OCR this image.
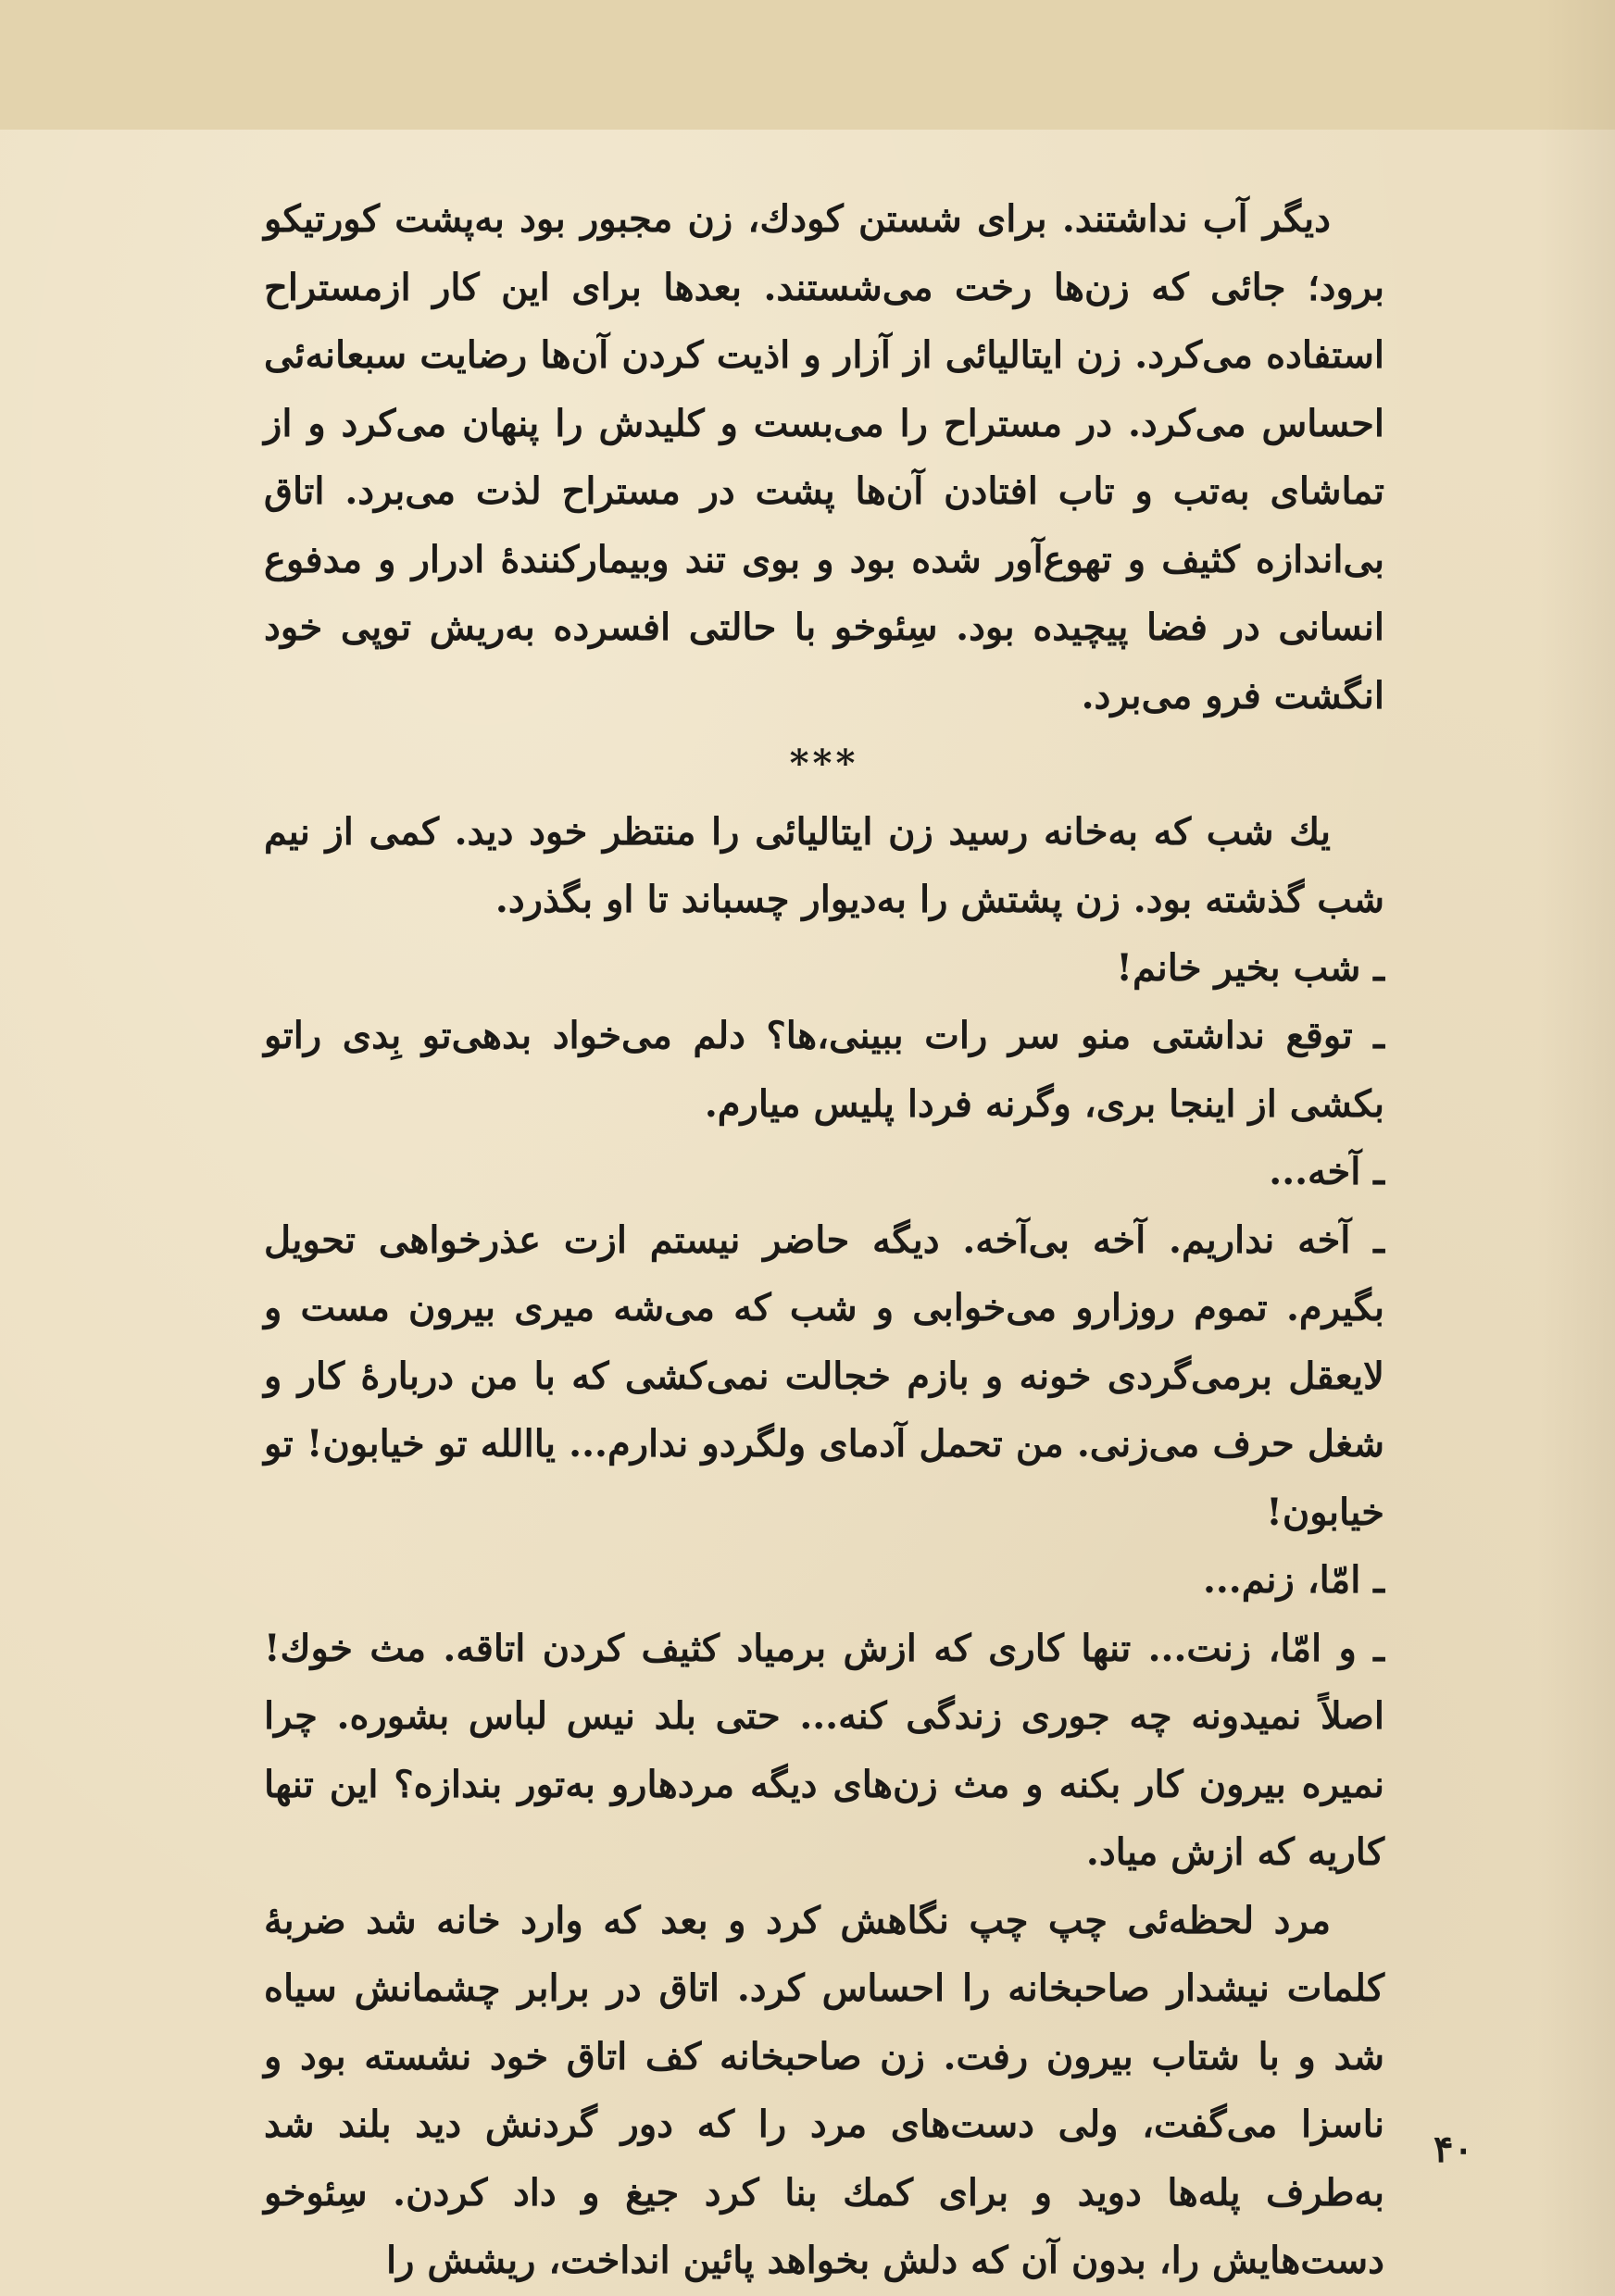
دیگر آب نداشتند. برای شستن کودك، زن مجبور بود به‌پشت کورتیکو برود؛ جائی که زن‌ها رخت می‌شستند. بعدها برای این کار ازمستراح استفاده می‌کرد. زن ایتالیائی از آزار و اذیت کردن آن‌ها رضایت سبعانه‌ئی احساس می‌کرد. در مستراح را می‌بست و کلیدش را پنهان می‌کرد و از تماشای به‌تب و تاب افتادن آن‌ها پشت در مستراح لذت می‌برد. اتاق بی‌اندازه کثیف و تهوع‌آور شده بود و بوی تند وبیمارکنندهٔ ادرار و مدفوع انسانی در فضا پیچیده بود. سِئوخو با حالتی افسرده به‌ریش توپی خود انگشت فرو می‌برد.

***

یك شب که به‌خانه رسید زن ایتالیائی را منتظر خود دید. کمی از نیم شب گذشته بود. زن پشتش را به‌دیوار چسباند تا او بگذرد.

ـ شب بخیر خانم!

ـ توقع نداشتی منو سر رات ببینی،ها؟ دلم می‌خواد بدهی‌تو بِدی راتو بکشی از اینجا بری، وگرنه فردا پلیس میارم.

ـ آخه...

ـ آخه نداریم. آخه بی‌آخه. دیگه حاضر نیستم ازت عذرخواهی تحویل بگیرم. تموم روزارو می‌خوابی و شب که می‌شه میری بیرون مست و لایعقل برمی‌گردی خونه و بازم خجالت نمی‌کشی که با من دربارهٔ کار و شغل حرف می‌زنی. من تحمل آدمای ولگردو ندارم... یاالله تو خیابون! تو خیابون!

ـ امّا، زنم...

ـ و امّا، زنت... تنها کاری که ازش برمیاد کثیف کردن اتاقه. مث خوك! اصلاً نمیدونه چه جوری زندگی کنه... حتی بلد نیس لباس بشوره. چرا نمیره بیرون کار بکنه و مث زن‌های دیگه مردهارو به‌تور بندازه؟ این تنها کاریه که ازش میاد.

مرد لحظه‌ئی چپ چپ نگاهش کرد و بعد که وارد خانه شد ضربهٔ کلمات نیشدار صاحبخانه را احساس کرد. اتاق در برابر چشمانش سیاه شد و با شتاب بیرون رفت. زن صاحبخانه کف اتاق خود نشسته بود و ناسزا می‌گفت، ولی دست‌های مرد را که دور گردنش دید بلند شد به‌طرف پله‌ها دوید و برای کمك بنا کرد جیغ و داد کردن. سِئوخو دست‌هایش را، بدون آن که دلش بخواهد پائین انداخت، ریشش را

۴۰
